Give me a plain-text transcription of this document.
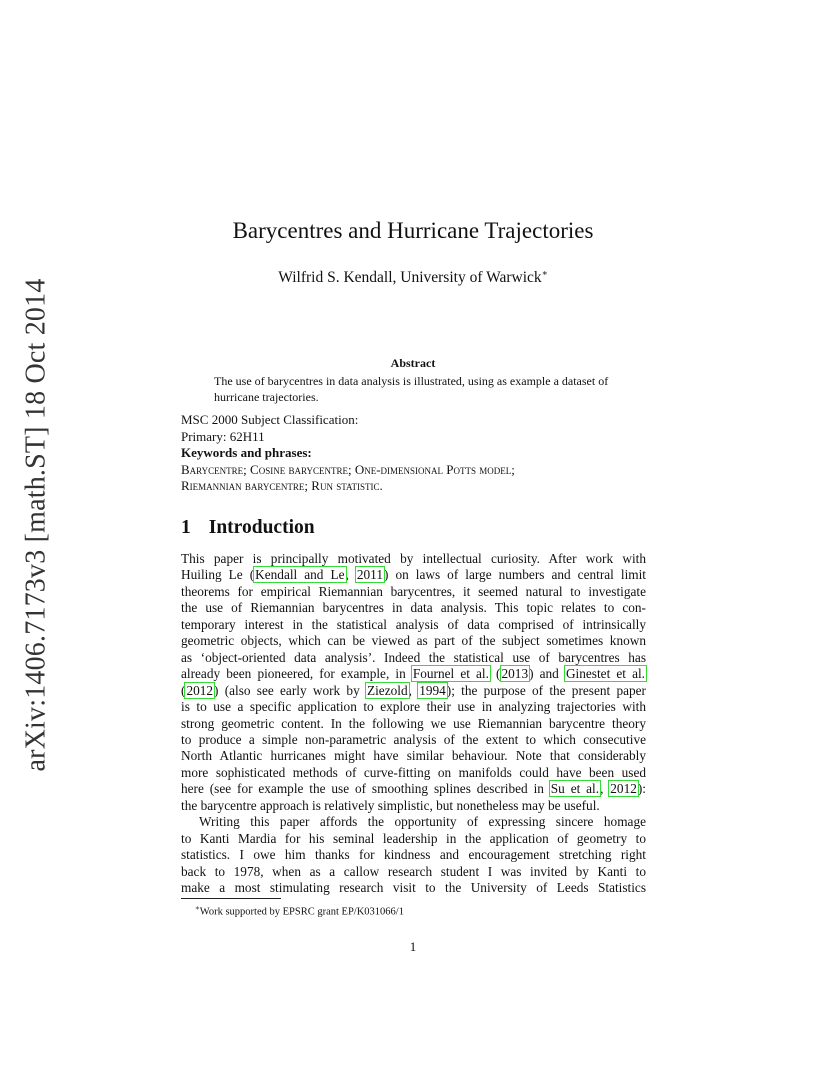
arXiv:1406.7173v3 [math.ST] 18 Oct 2014
Barycentres and Hurricane Trajectories
Wilfrid S. Kendall, University of Warwick∗
Abstract

The use of barycentres in data analysis is illustrated, using as example a dataset of hurricane trajectories.

MSC 2000 Subject Classification:
Primary: 62H11
Keywords and phrases:
Barycentre; Cosine barycentre; One-dimensional Potts model;
Riemannian barycentre; Run statistic.
1 Introduction

This paper is principally motivated by intellectual curiosity. After work with

Huiling Le (Kendall and Le, 2011) on laws of large numbers and central limit

theorems for empirical Riemannian barycentres, it seemed natural to investigate

the use of Riemannian barycentres in data analysis. This topic relates to con-

temporary interest in the statistical analysis of data comprised of intrinsically

geometric objects, which can be viewed as part of the subject sometimes known

as ‘object-oriented data analysis’. Indeed the statistical use of barycentres has

already been pioneered, for example, in Fournel et al. (2013) and Ginestet et al.

(2012) (also see early work by Ziezold, 1994); the purpose of the present paper

is to use a specific application to explore their use in analyzing trajectories with

strong geometric content. In the following we use Riemannian barycentre theory

to produce a simple non-parametric analysis of the extent to which consecutive

North Atlantic hurricanes might have similar behaviour. Note that considerably

more sophisticated methods of curve-fitting on manifolds could have been used

here (see for example the use of smoothing splines described in Su et al., 2012):

the barycentre approach is relatively simplistic, but nonetheless may be useful.

Writing this paper affords the opportunity of expressing sincere homage

to Kanti Mardia for his seminal leadership in the application of geometry to

statistics. I owe him thanks for kindness and encouragement stretching right

back to 1978, when as a callow research student I was invited by Kanti to

make a most stimulating research visit to the University of Leeds Statistics

∗Work supported by EPSRC grant EP/K031066/1
1
